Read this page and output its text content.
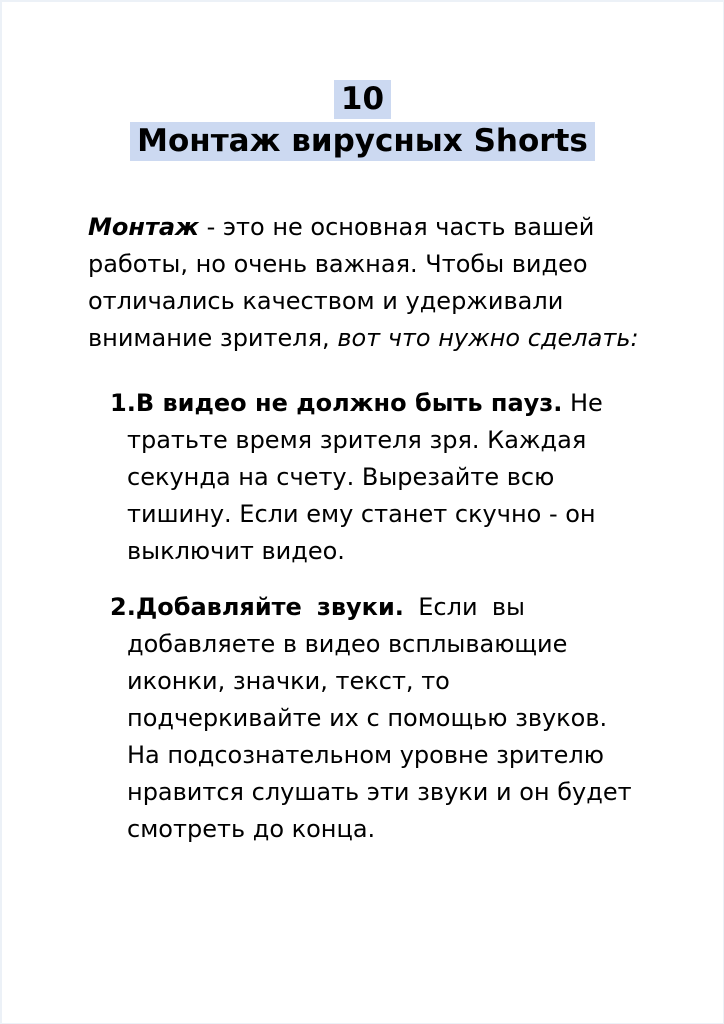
10
Монтаж вирусных Shorts
Монтаж - это не основная часть вашей
работы, но очень важная. Чтобы видео
отличались качеством и удерживали
внимание зрителя, вот что нужно сделать:
1.В видео не должно быть пауз. Не
тратьте время зрителя зря. Каждая
секунда на счету. Вырезайте всю
тишину. Если ему станет скучно - он
выключит видео.
2.Добавляйте звуки. Если вы
добавляете в видео всплывающие
иконки, значки, текст, то
подчеркивайте их с помощью звуков.
На подсознательном уровне зрителю
нравится слушать эти звуки и он будет
смотреть до конца.
